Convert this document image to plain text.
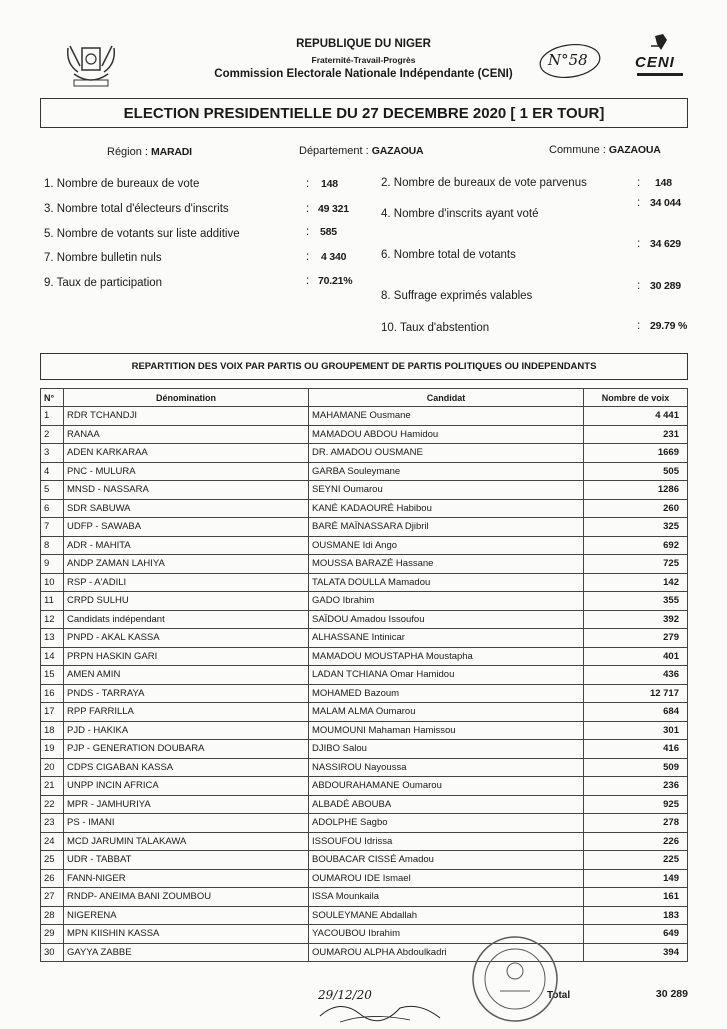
REPUBLIQUE DU NIGER
Fraternité-Travail-Progrès
Commission Electorale Nationale Indépendante (CENI)
N°58	CENI
ELECTION PRESIDENTIELLE DU 27 DECEMBRE 2020 [ 1 ER TOUR]
Région : MARADI	Département : GAZAOUA	Commune : GAZAOUA
1. Nombre de bureaux de vote	: 148
3. Nombre total d'électeurs d'inscrits	: 49 321
5. Nombre de votants sur liste additive	: 585
7. Nombre bulletin nuls	: 4 340
9. Taux de participation	: 70.21%
2. Nombre de bureaux de vote parvenus	: 148
4. Nombre d'inscrits ayant voté
: 34 044
6. Nombre total de votants
: 34 629
8. Suffrage exprimés valables
: 30 289
10. Taux d'abstention	: 29.79 %
REPARTITION DES VOIX PAR PARTIS OU GROUPEMENT DE PARTIS POLITIQUES OU INDEPENDANTS
N°	Dénomination	Candidat	Nombre de voix
1	RDR TCHANDJI	MAHAMANE Ousmane	4 441
2	RANAA	MAMADOU ABDOU Hamidou	231
3	ADEN KARKARAA	DR. AMADOU OUSMANE	1669
4	PNC - MULURA	GARBA Souleymane	505
5	MNSD - NASSARA	SEYNI Oumarou	1286
6	SDR SABUWA	KANÉ KADAOURÉ Habibou	260
7	UDFP - SAWABA	BARÉ MAÏNASSARA Djibril	325
8	ADR - MAHITA	OUSMANE Idi Ango	692
9	ANDP ZAMAN LAHIYA	MOUSSA BARAZÉ Hassane	725
10	RSP - A'ADILI	TALATA DOULLA Mamadou	142
11	CRPD SULHU	GADO Ibrahim	355
12	Candidats indépendant	SAÏDOU Amadou Issoufou	392
13	PNPD - AKAL KASSA	ALHASSANE Intinicar	279
14	PRPN HASKIN GARI	MAMADOU MOUSTAPHA Moustapha	401
15	AMEN AMIN	LADAN TCHIANA Omar Hamidou	436
16	PNDS - TARRAYA	MOHAMED Bazoum	12 717
17	RPP FARRILLA	MALAM ALMA Oumarou	684
18	PJD - HAKIKA	MOUMOUNI Mahaman Hamissou	301
19	PJP - GENERATION DOUBARA	DJIBO Salou	416
20	CDPS CIGABAN KASSA	NASSIROU Nayoussa	509
21	UNPP INCIN AFRICA	ABDOURAHAMANE Oumarou	236
22	MPR - JAMHURIYA	ALBADÉ ABOUBA	925
23	PS - IMANI	ADOLPHE Sagbo	278
24	MCD JARUMIN TALAKAWA	ISSOUFOU Idrissa	226
25	UDR - TABBAT	BOUBACAR CISSÉ Amadou	225
26	FANN-NIGER	OUMAROU IDE Ismael	149
27	RNDP- ANEIMA BANI ZOUMBOU	ISSA Mounkaila	161
28	NIGERENA	SOULEYMANE Abdallah	183
29	MPN KIISHIN KASSA	YACOUBOU Ibrahim	649
30	GAYYA ZABBE	OUMAROU ALPHA Abdoulkadri	394
Total	30 289
29/12/20
